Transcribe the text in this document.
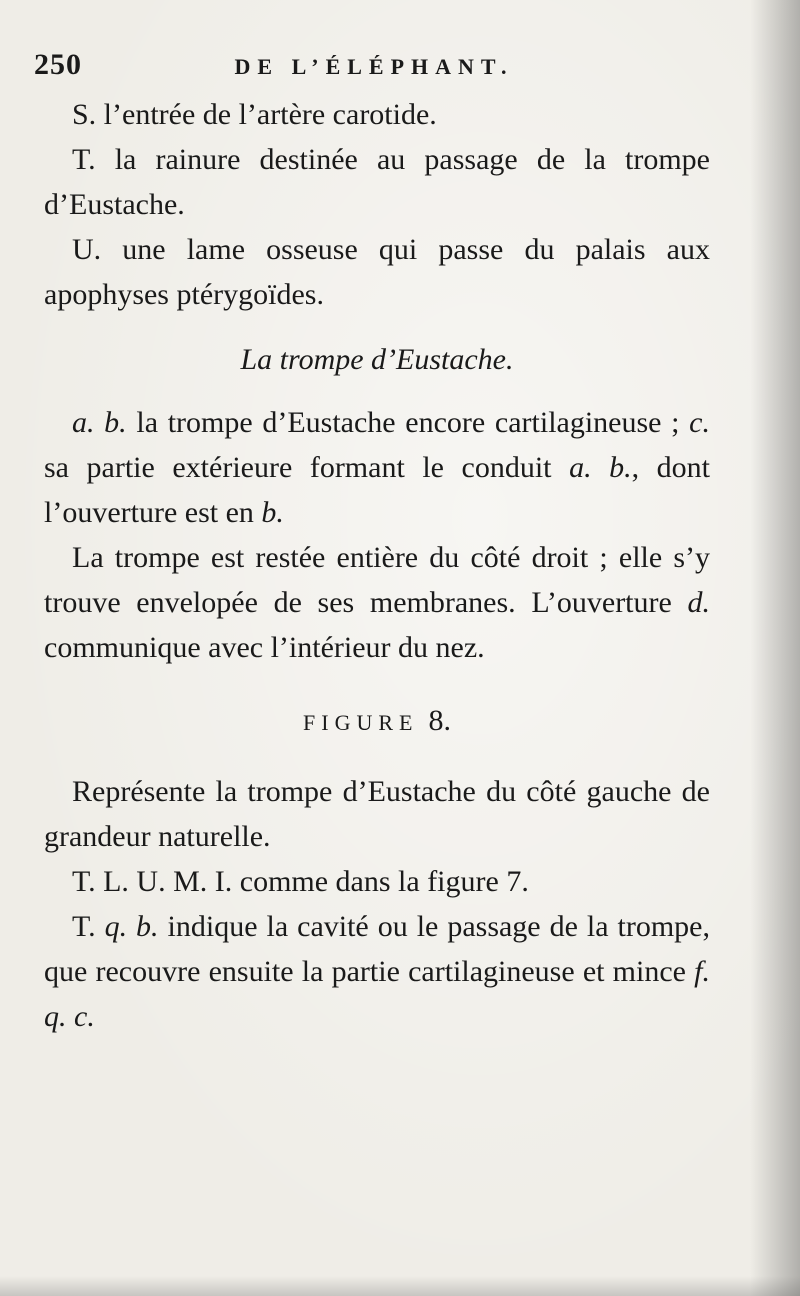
250	DE L’ÉLÉPHANT.

S. l’entrée de l’artère carotide.

T. la rainure destinée au passage de la trompe d’Eustache.

U. une lame osseuse qui passe du palais aux apophyses ptérygoïdes.

La trompe d’Eustache.

a. b. la trompe d’Eustache encore cartilagineuse ; c. sa partie extérieure formant le conduit a. b., dont l’ouverture est en b.

La trompe est restée entière du côté droit ; elle s’y trouve envelopée de ses membranes. L’ouverture d. communique avec l’intérieur du nez.

FIGURE 8.

Représente la trompe d’Eustache du côté gauche de grandeur naturelle.

T. L. U. M. I. comme dans la figure 7.

T. q. b. indique la cavité ou le passage de la trompe, que recouvre ensuite la partie cartilagineuse et mince f. q. c.
